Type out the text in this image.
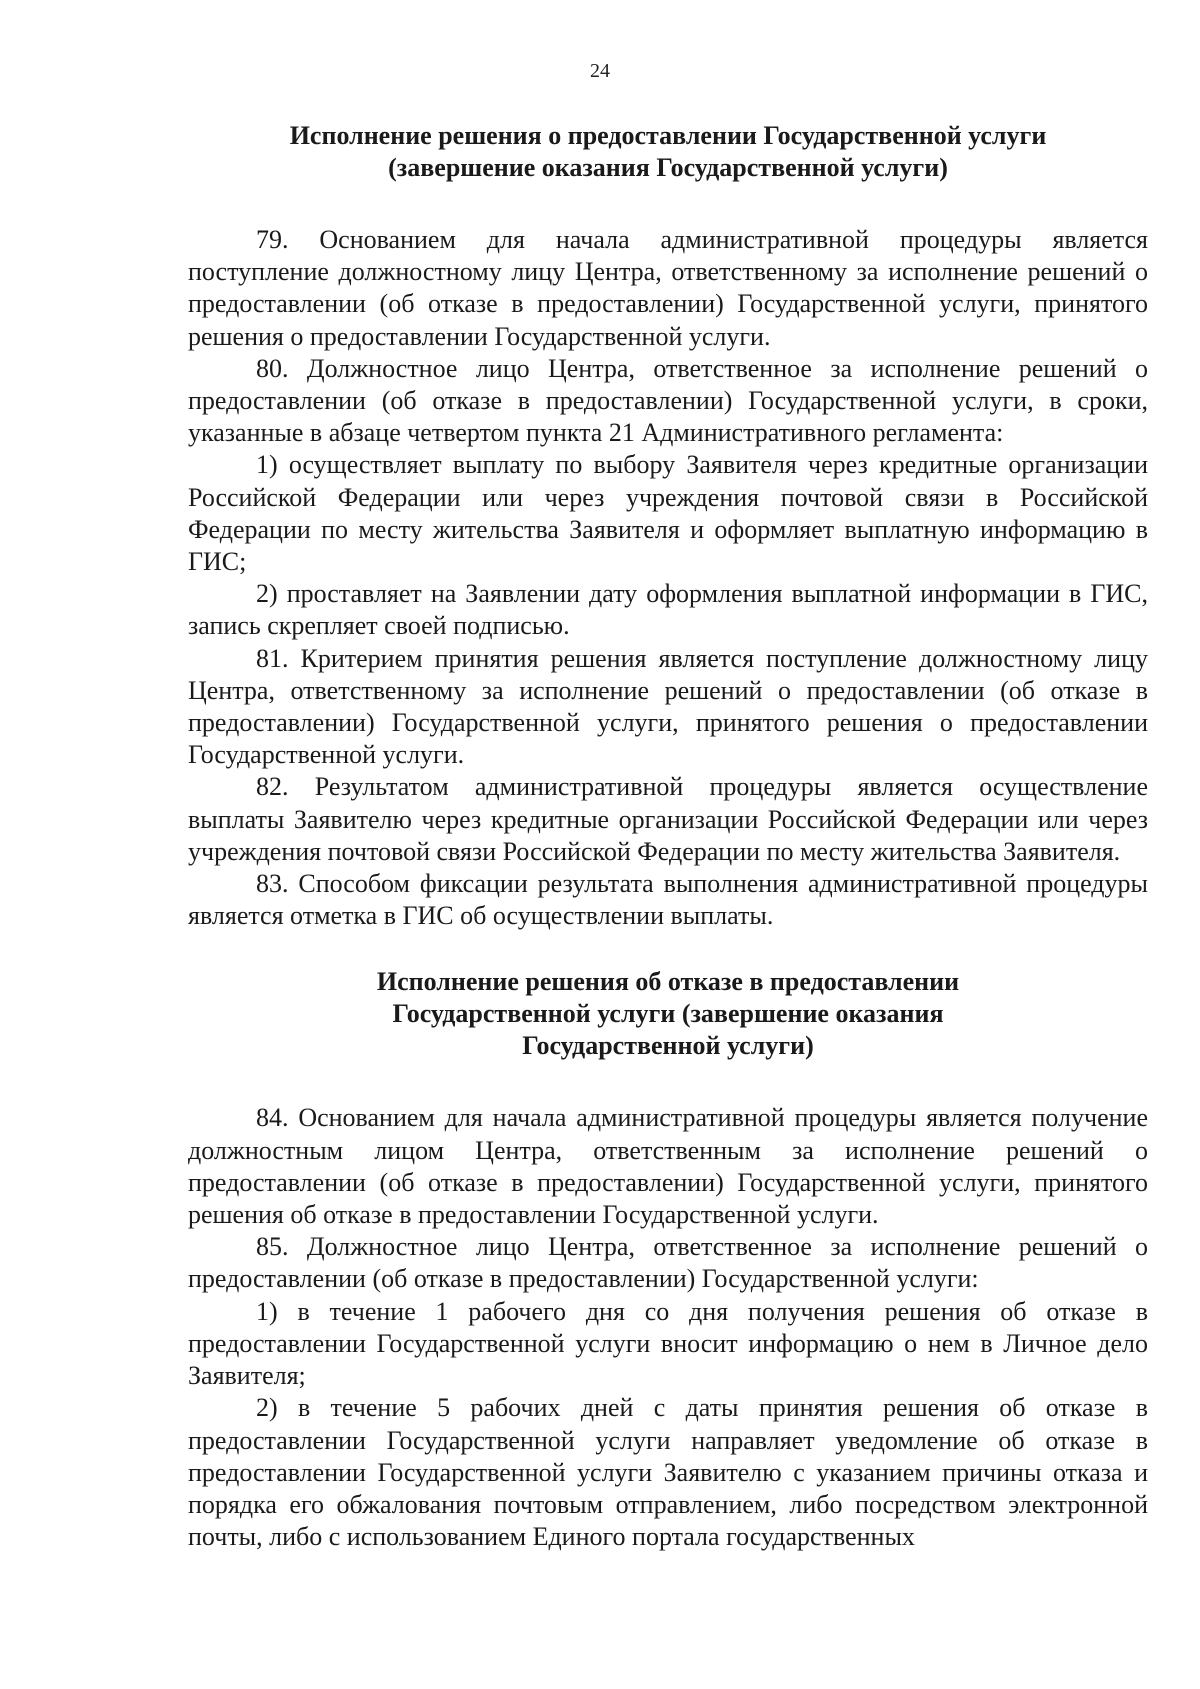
24
Исполнение решения о предоставлении Государственной услуги
(завершение оказания Государственной услуги)

79. Основанием для начала административной процедуры является поступление должностному лицу Центра, ответственному за исполнение решений о предоставлении (об отказе в предоставлении) Государственной услуги, принятого решения о предоставлении Государственной услуги.

80. Должностное лицо Центра, ответственное за исполнение решений о предоставлении (об отказе в предоставлении) Государственной услуги, в сроки, указанные в абзаце четвертом пункта 21 Административного регламента:

1) осуществляет выплату по выбору Заявителя через кредитные организации Российской Федерации или через учреждения почтовой связи в Российской Федерации по месту жительства Заявителя и оформляет выплатную информацию в ГИС;

2) проставляет на Заявлении дату оформления выплатной информации в ГИС, запись скрепляет своей подписью.

81. Критерием принятия решения является поступление должностному лицу Центра, ответственному за исполнение решений о предоставлении (об отказе в предоставлении) Государственной услуги, принятого решения о предоставлении Государственной услуги.

82. Результатом административной процедуры является осуществление выплаты Заявителю через кредитные организации Российской Федерации или через учреждения почтовой связи Российской Федерации по месту жительства Заявителя.

83. Способом фиксации результата выполнения административной процедуры является отметка в ГИС об осуществлении выплаты.

Исполнение решения об отказе в предоставлении
Государственной услуги (завершение оказания
Государственной услуги)

84. Основанием для начала административной процедуры является получение должностным лицом Центра, ответственным за исполнение решений о предоставлении (об отказе в предоставлении) Государственной услуги, принятого решения об отказе в предоставлении Государственной услуги.

85. Должностное лицо Центра, ответственное за исполнение решений о предоставлении (об отказе в предоставлении) Государственной услуги:

1) в течение 1 рабочего дня со дня получения решения об отказе в предоставлении Государственной услуги вносит информацию о нем в Личное дело Заявителя;

2) в течение 5 рабочих дней с даты принятия решения об отказе в предоставлении Государственной услуги направляет уведомление об отказе в предоставлении Государственной услуги Заявителю с указанием причины отказа и порядка его обжалования почтовым отправлением, либо посредством электронной почты, либо с использованием Единого портала государственных
